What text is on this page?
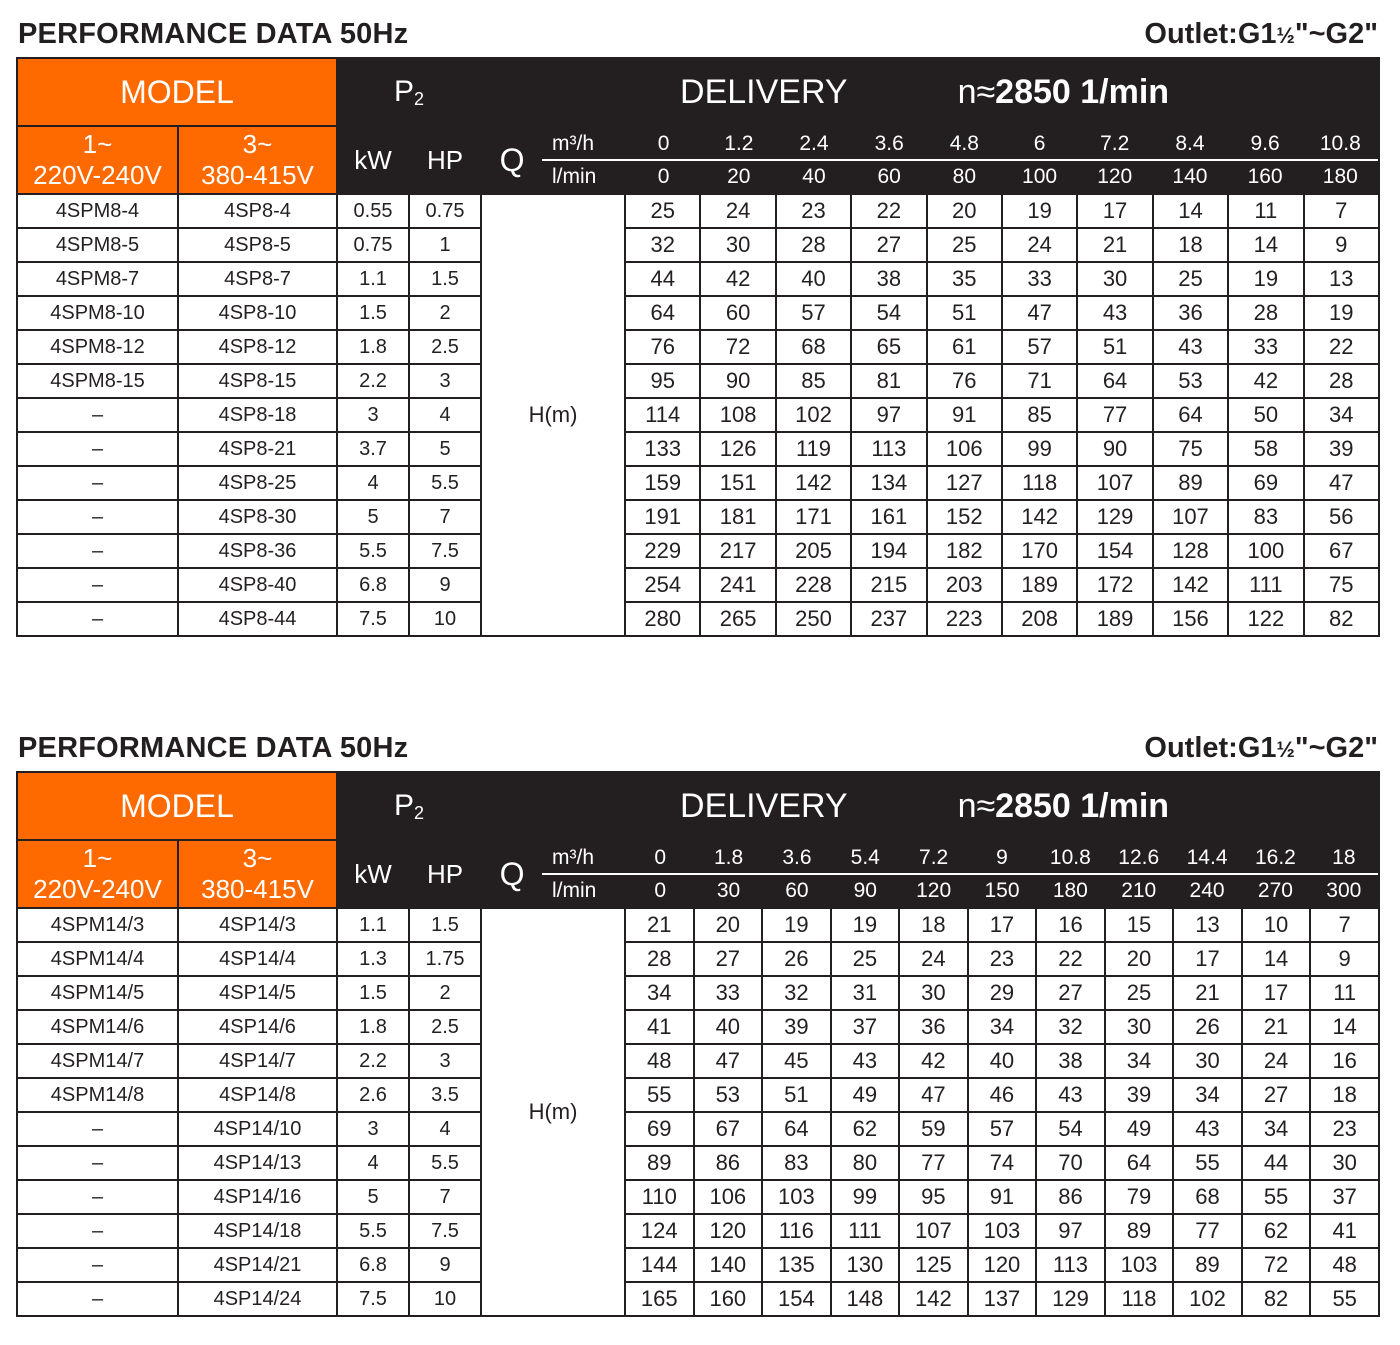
PERFORMANCE DATA 50Hz	Outlet:G1½"~G2"
MODEL	$P_2$	DELIVERY	n≈2850 1/min

1~
220V-240V

3~
380-415V
	kW	HP	Q	m³/h	0	1.2	2.4	3.6	4.8	6	7.2	8.4	9.6	10.8
l/min	0	20	40	60	80	100	120	140	160	180

4SPM8-4	4SP8-4	0.55	0.75	H(m)	25	24	23	22	20	19	17	14	11	7
4SPM8-5	4SP8-5	0.75	1	32	30	28	27	25	24	21	18	14	9
4SPM8-7	4SP8-7	1.1	1.5	44	42	40	38	35	33	30	25	19	13
4SPM8-10	4SP8-10	1.5	2	64	60	57	54	51	47	43	36	28	19
4SPM8-12	4SP8-12	1.8	2.5	76	72	68	65	61	57	51	43	33	22
4SPM8-15	4SP8-15	2.2	3	95	90	85	81	76	71	64	53	42	28
–	4SP8-18	3	4	114	108	102	97	91	85	77	64	50	34
–	4SP8-21	3.7	5	133	126	119	113	106	99	90	75	58	39
–	4SP8-25	4	5.5	159	151	142	134	127	118	107	89	69	47
–	4SP8-30	5	7	191	181	171	161	152	142	129	107	83	56
–	4SP8-36	5.5	7.5	229	217	205	194	182	170	154	128	100	67
–	4SP8-40	6.8	9	254	241	228	215	203	189	172	142	111	75
–	4SP8-44	7.5	10	280	265	250	237	223	208	189	156	122	82
PERFORMANCE DATA 50Hz	Outlet:G1½"~G2"
MODEL	$P_2$	DELIVERY	n≈2850 1/min

1~
220V-240V

3~
380-415V
	kW	HP	Q	m³/h	0	1.8	3.6	5.4	7.2	9	10.8	12.6	14.4	16.2	18
l/min	0	30	60	90	120	150	180	210	240	270	300

4SPM14/3	4SP14/3	1.1	1.5	H(m)	21	20	19	19	18	17	16	15	13	10	7
4SPM14/4	4SP14/4	1.3	1.75	28	27	26	25	24	23	22	20	17	14	9
4SPM14/5	4SP14/5	1.5	2	34	33	32	31	30	29	27	25	21	17	11
4SPM14/6	4SP14/6	1.8	2.5	41	40	39	37	36	34	32	30	26	21	14
4SPM14/7	4SP14/7	2.2	3	48	47	45	43	42	40	38	34	30	24	16
4SPM14/8	4SP14/8	2.6	3.5	55	53	51	49	47	46	43	39	34	27	18
–	4SP14/10	3	4	69	67	64	62	59	57	54	49	43	34	23
–	4SP14/13	4	5.5	89	86	83	80	77	74	70	64	55	44	30
–	4SP14/16	5	7	110	106	103	99	95	91	86	79	68	55	37
–	4SP14/18	5.5	7.5	124	120	116	111	107	103	97	89	77	62	41
–	4SP14/21	6.8	9	144	140	135	130	125	120	113	103	89	72	48
–	4SP14/24	7.5	10	165	160	154	148	142	137	129	118	102	82	55
